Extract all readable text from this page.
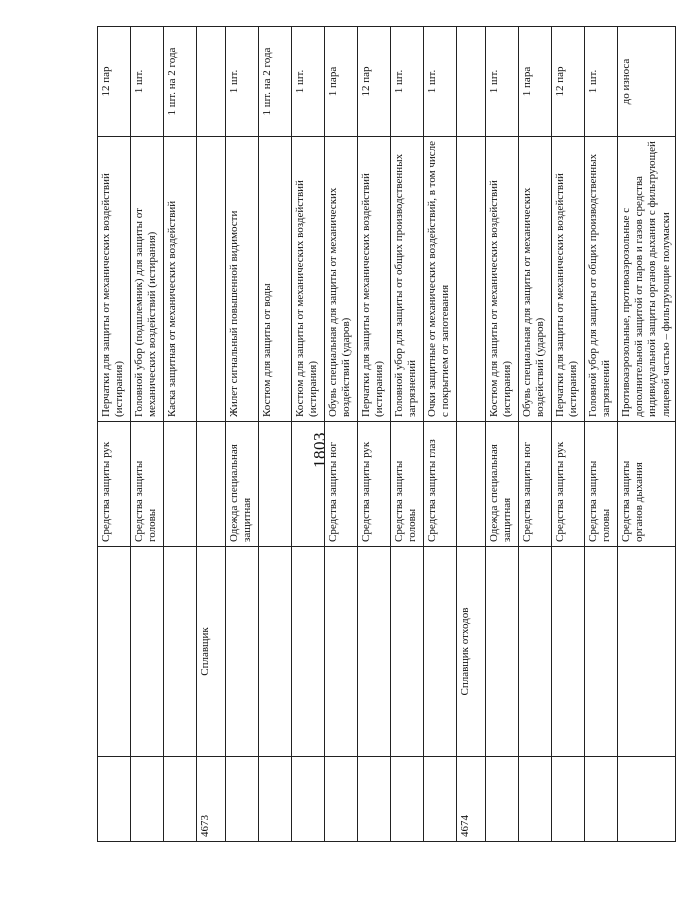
1803
		Средства защиты рук	Перчатки для защиты от механических воздействий (истирания)	12 пар
		Средства защиты головы	Головной убор (подшлемник) для защиты от механических воздействий (истирания)	1 шт.
			Каска защитная от механических воздействий	1 шт. на 2 года
4673	Сплавщик			
		Одежда специальная защитная	Жилет сигнальный повышенной видимости	1 шт.
			Костюм для защиты от воды	1 шт. на 2 года
			Костюм для защиты от механических воздействий (истирания)	1 шт.
		Средства защиты ног	Обувь специальная для защиты от механических воздействий (ударов)	1 пара
		Средства защиты рук	Перчатки для защиты от механических воздействий (истирания)	12 пар
		Средства защиты головы	Головной убор для защиты от общих производственных загрязнений	1 шт.
		Средства защиты глаз	Очки защитные от механических воздействий, в том числе с покрытием от запотевания	1 шт.
4674	Сплавщик отходов			
		Одежда специальная защитная	Костюм для защиты от механических воздействий (истирания)	1 шт.
		Средства защиты ног	Обувь специальная для защиты от механических воздействий (ударов)	1 пара
		Средства защиты рук	Перчатки для защиты от механических воздействий (истирания)	12 пар
		Средства защиты головы	Головной убор для защиты от общих производственных загрязнений	1 шт.
		Средства защиты органов дыхания	Противоаэрозольные, противоаэрозольные с дополнительной защитой от паров и газов средства индивидуальной защиты органов дыхания с фильтрующей лицевой частью – фильтрующие полумаски	до износа
